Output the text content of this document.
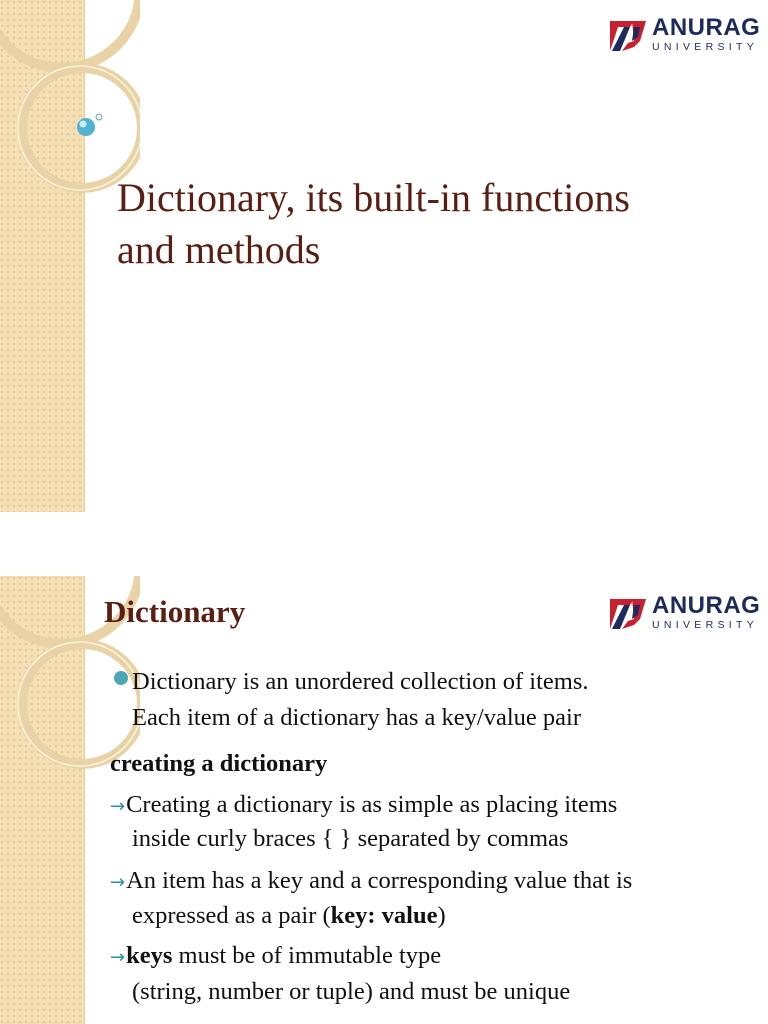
ANURAG
UNIVERSITY
Dictionary, its built-in functions
and methods
ANURAG
UNIVERSITY
Dictionary
Dictionary is an unordered collection of items.
Each item of a dictionary has a key/value pair
creating a dictionary
→Creating a dictionary is as simple as placing items
inside curly braces { } separated by commas
→An item has a key and a corresponding value that is
expressed as a pair (key: value)
→keys must be of immutable type
(string, number or tuple) and must be unique
